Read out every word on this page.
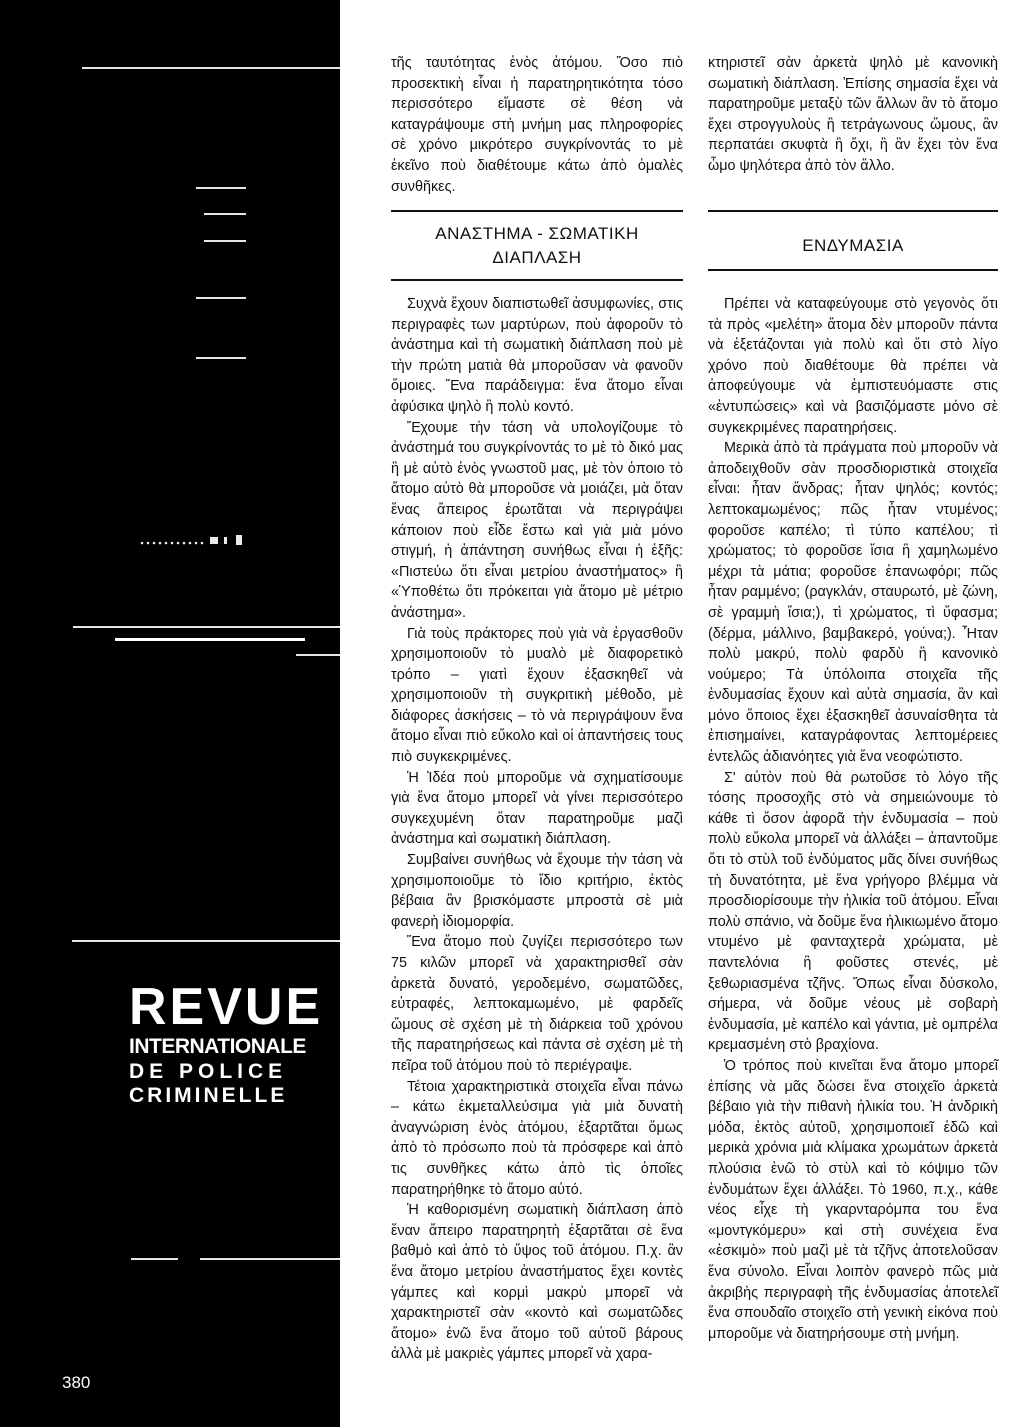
REVUE
INTERNATIONALE
DE POLICE
CRIMINELLE
380

τῆς ταυτότητας ἑνὸς ἀτόμου. Ὅσο πιὸ προσεκτικὴ εἶναι ἡ παρατηρητικότητα τόσο περισσότερο εἴμαστε σὲ θέση νὰ καταγράψουμε στὴ μνήμη μας πληροφορίες σὲ χρόνο μικρότερο συγκρίνοντάς το μὲ ἐκεῖνο ποὺ διαθέτουμε κάτω ἀπὸ ὁμαλὲς συνθῆκες.

ΑΝΑΣΤΗΜΑ - ΣΩΜΑΤΙΚΗ
ΔΙΑΠΛΑΣΗ

Συχνὰ ἔχουν διαπιστωθεῖ ἀσυμφωνίες, στις περιγραφὲς των μαρτύρων, ποὺ ἀφοροῦν τὸ ἀνάστημα καὶ τὴ σωματικὴ διάπλαση ποὺ μὲ τὴν πρώτη ματιὰ θὰ μποροῦσαν νὰ φανοῦν ὅμοιες. Ἕνα παράδειγμα: ἕνα ἄτομο εἶναι ἀφύσικα ψηλὸ ἢ πολὺ κοντό.

Ἔχουμε τὴν τάση νὰ υπολογίζουμε τὸ ἀνάστημά του συγκρίνοντάς το μὲ τὸ δικό μας ἢ μὲ αὐτὸ ἑνὸς γνωστοῦ μας, μὲ τὸν ὁποιο τὸ ἄτομο αὐτὸ θὰ μποροῦσε νὰ μοιάζει, μὰ ὅταν ἕνας ἄπειρος ἐρωτᾶται νὰ περιγράψει κάποιον ποὺ εἶδε ἔστω καὶ γιὰ μιὰ μόνο στιγμή, ἡ ἀπάντηση συνήθως εἶναι ἡ ἑξῆς: «Πιστεύω ὅτι εἶναι μετρίου ἀναστήματος» ἢ «Ὑποθέτω ὅτι πρόκειται γιὰ ἄτομο μὲ μέτριο ἀνάστημα».

Γιὰ τοὺς πράκτορες ποὺ γιὰ νὰ ἐργασθοῦν χρησιμοποιοῦν τὸ μυαλὸ μὲ διαφορετικὸ τρόπο – γιατὶ ἔχουν ἐξασκηθεῖ νὰ χρησιμοποιοῦν τὴ συγκριτικὴ μέθοδο, μὲ διάφορες ἀσκήσεις – τὸ νὰ περιγράψουν ἕνα ἄτομο εἶναι πιὸ εὔκολο καὶ οἱ ἀπαντήσεις τους πιὸ συγκεκριμένες.

Ἡ Ἰδέα ποὺ μποροῦμε νὰ σχηματίσουμε γιὰ ἕνα ἄτομο μπορεῖ νὰ γίνει περισσότερο συγκεχυμένη ὅταν παρατηροῦμε μαζὶ ἀνάστημα καὶ σωματικὴ διάπλαση.

Συμβαίνει συνήθως νὰ ἔχουμε τὴν τάση νὰ χρησιμοποιοῦμε τὸ ἴδιο κριτήριο, ἐκτὸς βέβαια ἂν βρισκόμαστε μπροστὰ σὲ μιὰ φανερὴ ἰδιομορφία.

Ἕνα ἄτομο ποὺ ζυγίζει περισσότερο των 75 κιλῶν μπορεῖ νὰ χαρακτηρισθεῖ σὰν ἀρκετὰ δυνατό, γεροδεμένο, σωματῶδες, εὐτραφές, λεπτοκαμωμένο, μὲ φαρδεῖς ὤμους σὲ σχέση μὲ τὴ διάρκεια τοῦ χρόνου τῆς παρατηρήσεως καὶ πάντα σὲ σχέση μὲ τὴ πεῖρα τοῦ ἀτόμου ποὺ τὸ περιέγραψε.

Τέτοια χαρακτηριστικὰ στοιχεῖα εἶναι πάνω – κάτω ἐκμεταλλεύσιμα γιὰ μιὰ δυνατὴ ἀναγνώριση ἑνὸς ἀτόμου, ἐξαρτᾶται ὅμως ἀπὸ τὸ πρόσωπο ποὺ τὰ πρόσφερε καὶ ἀπὸ τις συνθῆκες κάτω ἀπὸ τὶς ὁποῖες παρατηρήθηκε τὸ ἄτομο αὐτό.

Ἡ καθορισμένη σωματικὴ διάπλαση ἀπὸ ἕναν ἄπειρο παρατηρητὴ ἐξαρτᾶται σὲ ἕνα βαθμὸ καὶ ἀπὸ τὸ ὕψος τοῦ ἀτόμου. Π.χ. ἂν ἕνα ἄτομο μετρίου ἀναστήματος ἔχει κοντὲς γάμπες καὶ κορμὶ μακρὺ μπορεῖ νὰ χαρακτηριστεῖ σὰν «κοντὸ καὶ σωματῶδες ἄτομο» ἐνῶ ἕνα ἄτομο τοῦ αὐτοῦ βάρους ἀλλὰ μὲ μακριὲς γάμπες μπορεῖ νὰ χαρα-

κτηριστεῖ σὰν ἀρκετὰ ψηλὸ μὲ κανονικὴ σωματικὴ διάπλαση. Ἐπίσης σημασία ἔχει νὰ παρατηροῦμε μεταξὺ τῶν ἄλλων ἂν τὸ ἄτομο ἔχει στρογγυλοὺς ἢ τετράγωνους ὤμους, ἂν περπατάει σκυφτὰ ἢ ὄχι, ἢ ἂν ἔχει τὸν ἕνα ὦμο ψηλότερα ἀπὸ τὸν ἄλλο.

ΕΝΔΥΜΑΣΙΑ

Πρέπει νὰ καταφεύγουμε στὸ γεγονὸς ὅτι τὰ πρὸς «μελέτη» ἄτομα δὲν μποροῦν πάντα νὰ ἐξετάζονται γιὰ πολὺ καὶ ὅτι στὸ λίγο χρόνο ποὺ διαθέτουμε θὰ πρέπει νὰ ἀποφεύγουμε νὰ ἐμπιστευόμαστε στις «ἐντυπώσεις» καὶ νὰ βασιζόμαστε μόνο σὲ συγκεκριμένες παρατηρήσεις.

Μερικὰ ἀπὸ τὰ πράγματα ποὺ μποροῦν νὰ ἀποδειχθοῦν σὰν προσδιοριστικὰ στοιχεῖα εἶναι: ἦταν ἄνδρας; ἦταν ψηλός; κοντός; λεπτοκαμωμένος; πῶς ἦταν ντυμένος; φοροῦσε καπέλο; τὶ τύπο καπέλου; τὶ χρώματος; τὸ φοροῦσε ἴσια ἢ χαμηλωμένο μέχρι τὰ μάτια; φοροῦσε ἐπανωφόρι; πῶς ἦταν ραμμένο; (ραγκλάν, σταυρωτό, μὲ ζώνη, σὲ γραμμὴ ἴσια;), τὶ χρώματος, τὶ ὕφασμα; (δέρμα, μάλλινο, βαμβακερό, γούνα;). Ἦταν πολὺ μακρύ, πολὺ φαρδὺ ἢ κανονικὸ νούμερο; Τὰ ὑπόλοιπα στοιχεῖα τῆς ἐνδυμασίας ἔχουν καὶ αὐτὰ σημασία, ἂν καὶ μόνο ὅποιος ἔχει ἐξασκηθεῖ ἀσυναίσθητα τὰ ἐπισημαίνει, καταγράφοντας λεπτομέρειες ἐντελῶς ἀδιανόητες γιὰ ἕνα νεοφώτιστο.

Σ' αὐτὸν ποὺ θὰ ρωτοῦσε τὸ λόγο τῆς τόσης προσοχῆς στὸ νὰ σημειώνουμε τὸ κάθε τὶ ὅσον ἀφορᾶ τὴν ἐνδυμασία – ποὺ πολὺ εὔκολα μπορεῖ νὰ ἀλλάξει – ἀπαντοῦμε ὅτι τὸ στὺλ τοῦ ἐνδύματος μᾶς δίνει συνήθως τὴ δυνατότητα, μὲ ἕνα γρήγορο βλέμμα νὰ προσδιορίσουμε τὴν ἡλικία τοῦ ἀτόμου. Εἶναι πολὺ σπάνιο, νὰ δοῦμε ἕνα ἡλικιωμένο ἄτομο ντυμένο μὲ φανταχτερὰ χρώματα, μὲ παντελόνια ἢ φοῦστες στενές, μὲ ξεθωριασμένα τζῆνς. Ὅπως εἶναι δύσκολο, σήμερα, νὰ δοῦμε νέους μὲ σοβαρὴ ἐνδυμασία, μὲ καπέλο καὶ γάντια, μὲ ομπρέλα κρεμασμένη στὸ βραχίονα.

Ὁ τρόπος ποὺ κινεῖται ἕνα ἄτομο μπορεῖ ἐπίσης νὰ μᾶς δώσει ἕνα στοιχεῖο ἀρκετὰ βέβαιο γιὰ τὴν πιθανὴ ἡλικία του. Ἡ ἀνδρικὴ μόδα, ἐκτὸς αὐτοῦ, χρησιμοποιεῖ ἐδῶ καὶ μερικὰ χρόνια μιὰ κλίμακα χρωμάτων ἀρκετὰ πλούσια ἐνῶ τὸ στὺλ καὶ τὸ κόψιμο τῶν ἐνδυμάτων ἔχει ἀλλάξει. Τὸ 1960, π.χ., κάθε νέος εἶχε τὴ γκαρνταρόμπα του ἕνα «μοντγκόμερυ» καὶ στὴ συνέχεια ἕνα «ἐσκιμὸ» ποὺ μαζὶ μὲ τὰ τζῆνς ἀποτελοῦσαν ἕνα σύνολο. Εἶναι λοιπὸν φανερὸ πῶς μιὰ ἀκριβὴς περιγραφὴ τῆς ἐνδυμασίας ἀποτελεῖ ἕνα σπουδαῖο στοιχεῖο στὴ γενικὴ εἰκόνα ποὺ μποροῦμε νὰ διατηρήσουμε στὴ μνήμη.
